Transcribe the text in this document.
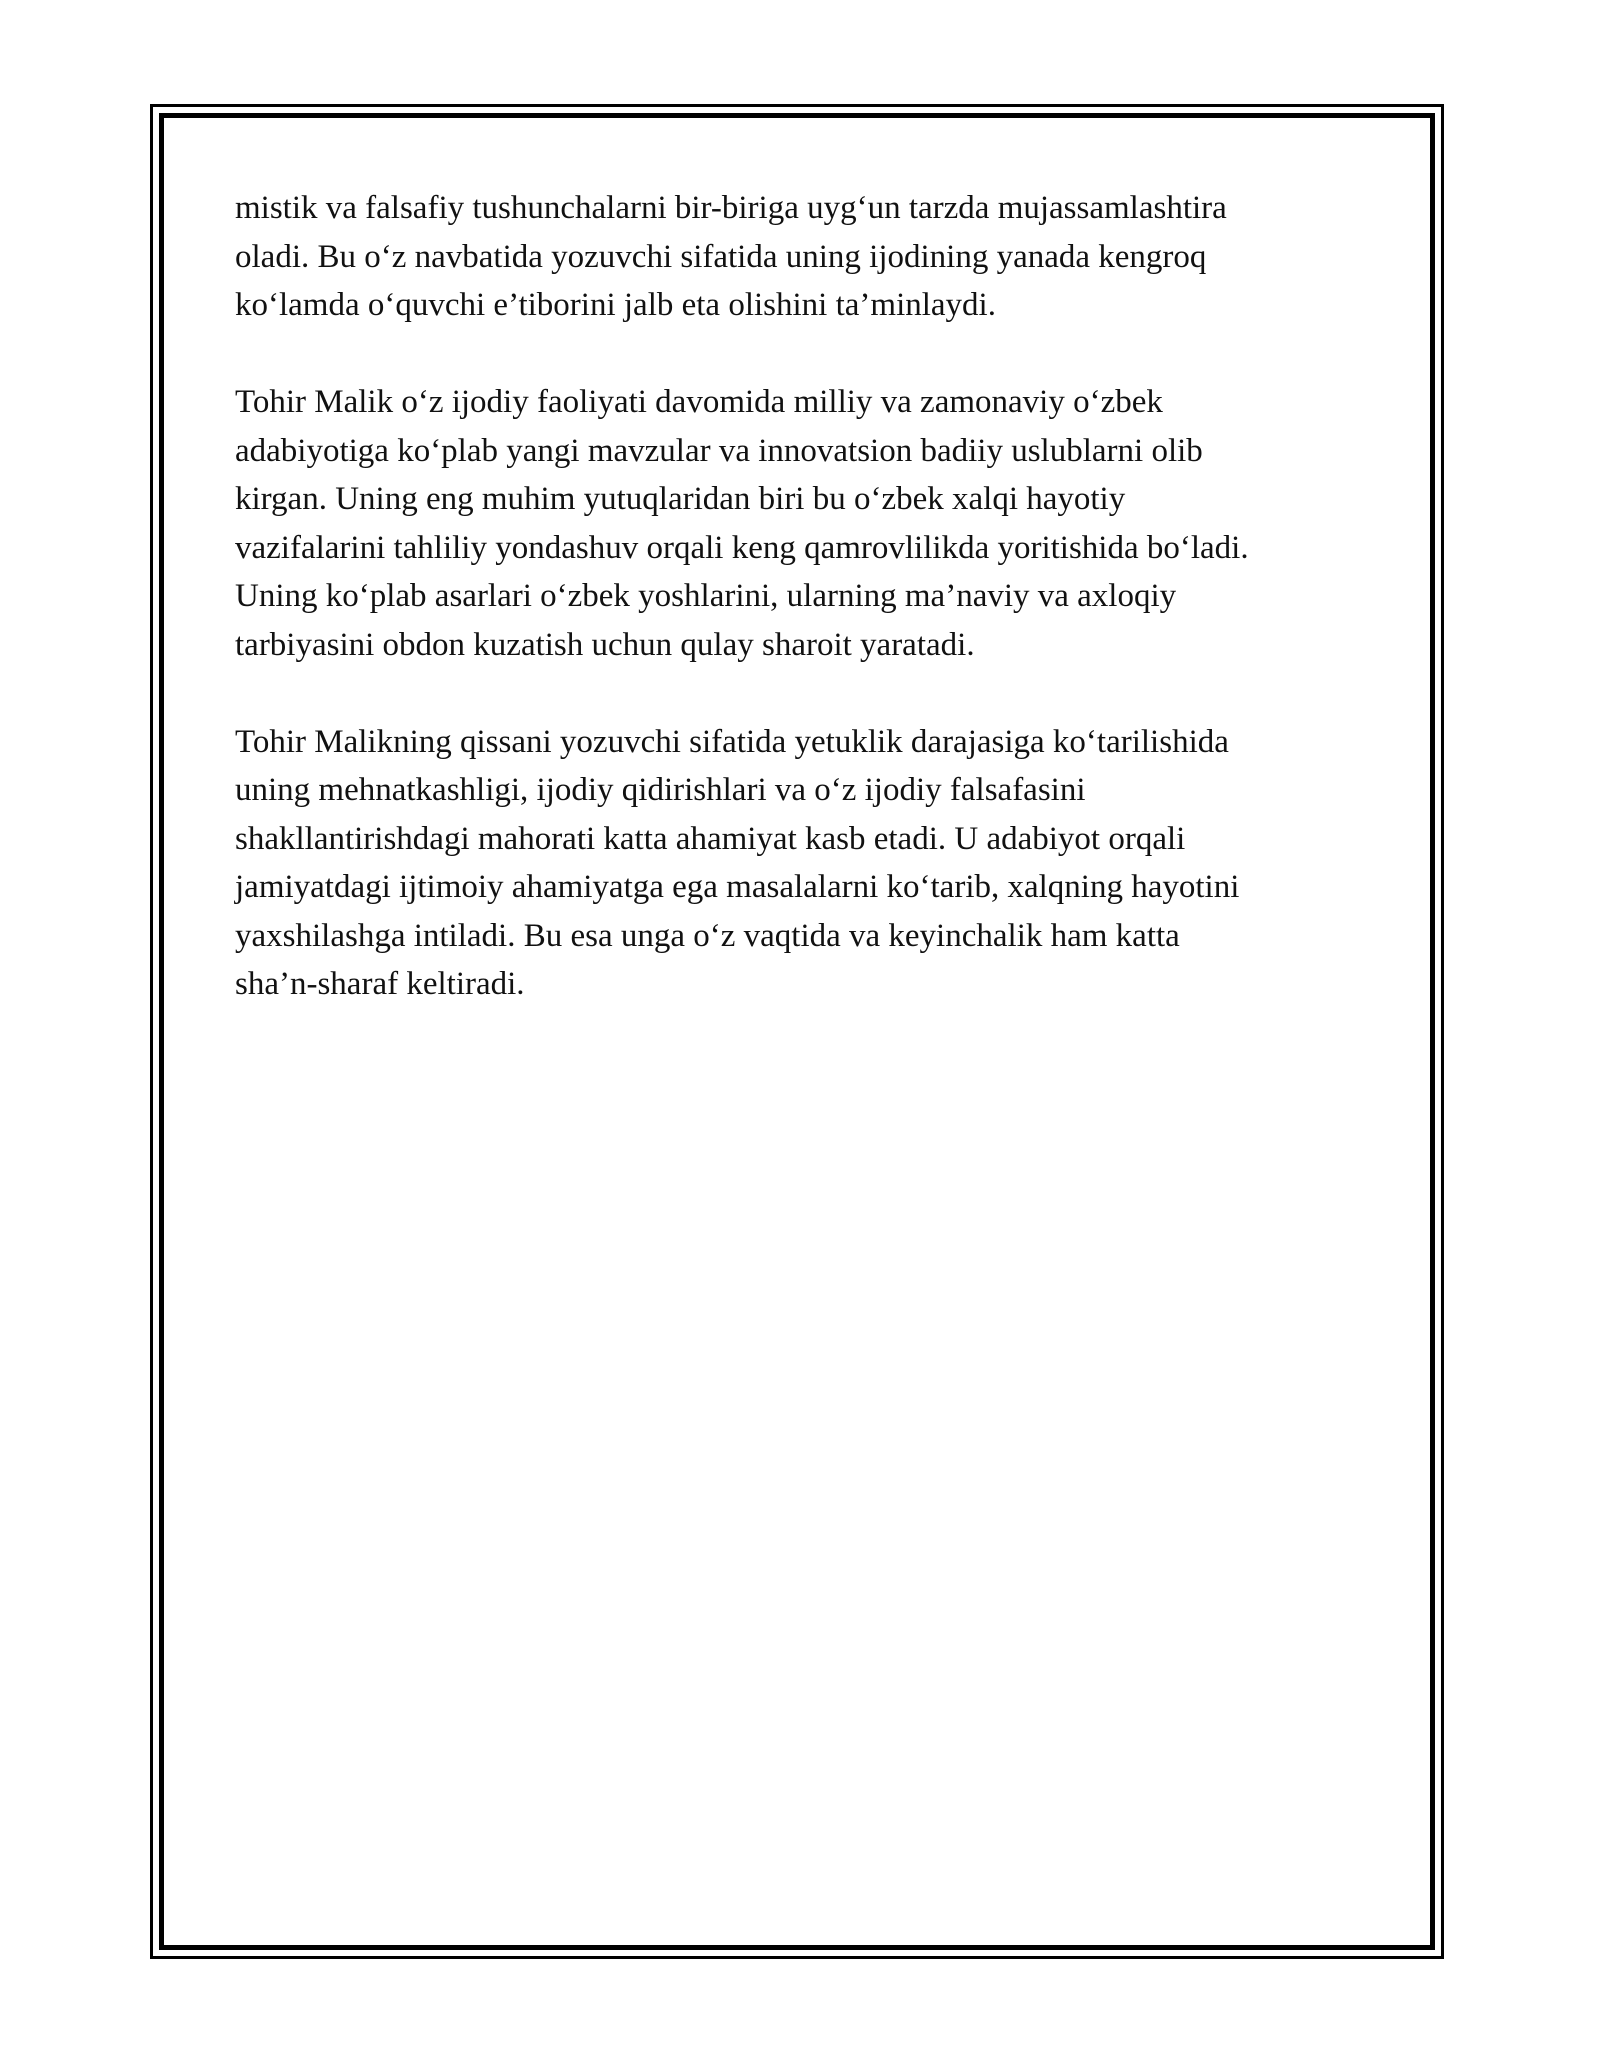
mistik va falsafiy tushunchalarni bir-biriga uyg‘un tarzda mujassamlashtira
oladi. Bu o‘z navbatida yozuvchi sifatida uning ijodining yanada kengroq
ko‘lamda o‘quvchi e’tiborini jalb eta olishini ta’minlaydi.

Tohir Malik o‘z ijodiy faoliyati davomida milliy va zamonaviy o‘zbek
adabiyotiga ko‘plab yangi mavzular va innovatsion badiiy uslublarni olib
kirgan. Uning eng muhim yutuqlaridan biri bu o‘zbek xalqi hayotiy
vazifalarini tahliliy yondashuv orqali keng qamrovlilikda yoritishida bo‘ladi.
Uning ko‘plab asarlari o‘zbek yoshlarini, ularning ma’naviy va axloqiy
tarbiyasini obdon kuzatish uchun qulay sharoit yaratadi.

Tohir Malikning qissani yozuvchi sifatida yetuklik darajasiga ko‘tarilishida
uning mehnatkashligi, ijodiy qidirishlari va o‘z ijodiy falsafasini
shakllantirishdagi mahorati katta ahamiyat kasb etadi. U adabiyot orqali
jamiyatdagi ijtimoiy ahamiyatga ega masalalarni ko‘tarib, xalqning hayotini
yaxshilashga intiladi. Bu esa unga o‘z vaqtida va keyinchalik ham katta
sha’n-sharaf keltiradi.
